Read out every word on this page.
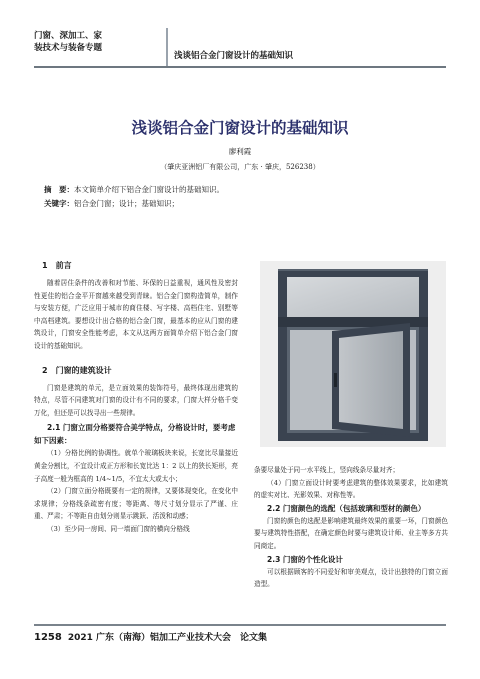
门窗、深加工、家
装技术与装备专题
浅谈铝合金门窗设计的基础知识
浅谈铝合金门窗设计的基础知识
廖利霞
（肇庆亚洲铝厂有限公司，广东 · 肇庆，526238）
摘　要：本文简单介绍下铝合金门窗设计的基础知识。
关键字：铝合金门窗；设计；基础知识；
1　前言
随着居住条件的改善和对节能、环保的日益重视，通风性及密封性更佳的铝合金平开窗越来越受到青睐。铝合金门窗构造简单，制作与安装方便，广泛应用于城市的商住楼、写字楼、高档住宅、别墅等中高档建筑。要想设计出合格的铝合金门窗，最基本的应从门窗的建筑设计，门窗安全性能考虑，本文从这两方面简单介绍下铝合金门窗设计的基础知识。
2　门窗的建筑设计
门窗是建筑的单元，是立面效果的装饰符号，最终体现出建筑的特点，尽管不同建筑对门窗的设计有不同的要求，门窗大样分格千变万化，但还是可以找寻出一些规律。
2.1 门窗立面分格要符合美学特点，分格设计时，要考虑如下因素：
（1）分格比例的协调性。就单个玻璃板块来说，长宽比尽量接近黄金分割比，不宜设计成正方形和长宽比达 1：2 以上的狭长矩形，亮子高度一般为框高的 1/4~1/5，不宜太大或太小；
（2）门窗立面分格既要有一定的规律，又要体现变化，在变化中求规律；分格线条疏密有度；等距离、等尺寸划分显示了严谨、庄重、严肃；不等距自由划分则显示跳跃、活泼和动感；
（3）至少同一房间、同一墙面门窗的横向分格线
条要尽量处于同一水平线上，竖向线条尽量对齐；
（4）门窗立面设计时要考虑建筑的整体效果要求，比如建筑的虚实对比、光影效果、对称性等。
2.2 门窗颜色的选配（包括玻璃和型材的颜色）
门窗的颜色的选配是影响建筑最终效果的重要一环，门窗颜色要与建筑特性搭配，在确定颜色时要与建筑设计师、业主等多方共同商定。
2.3 门窗的个性化设计
可以根据顾客的不同爱好和审美观点，设计出独特的门窗立面造型。
1258 2021 广东（南海）铝加工产业技术大会　论文集
